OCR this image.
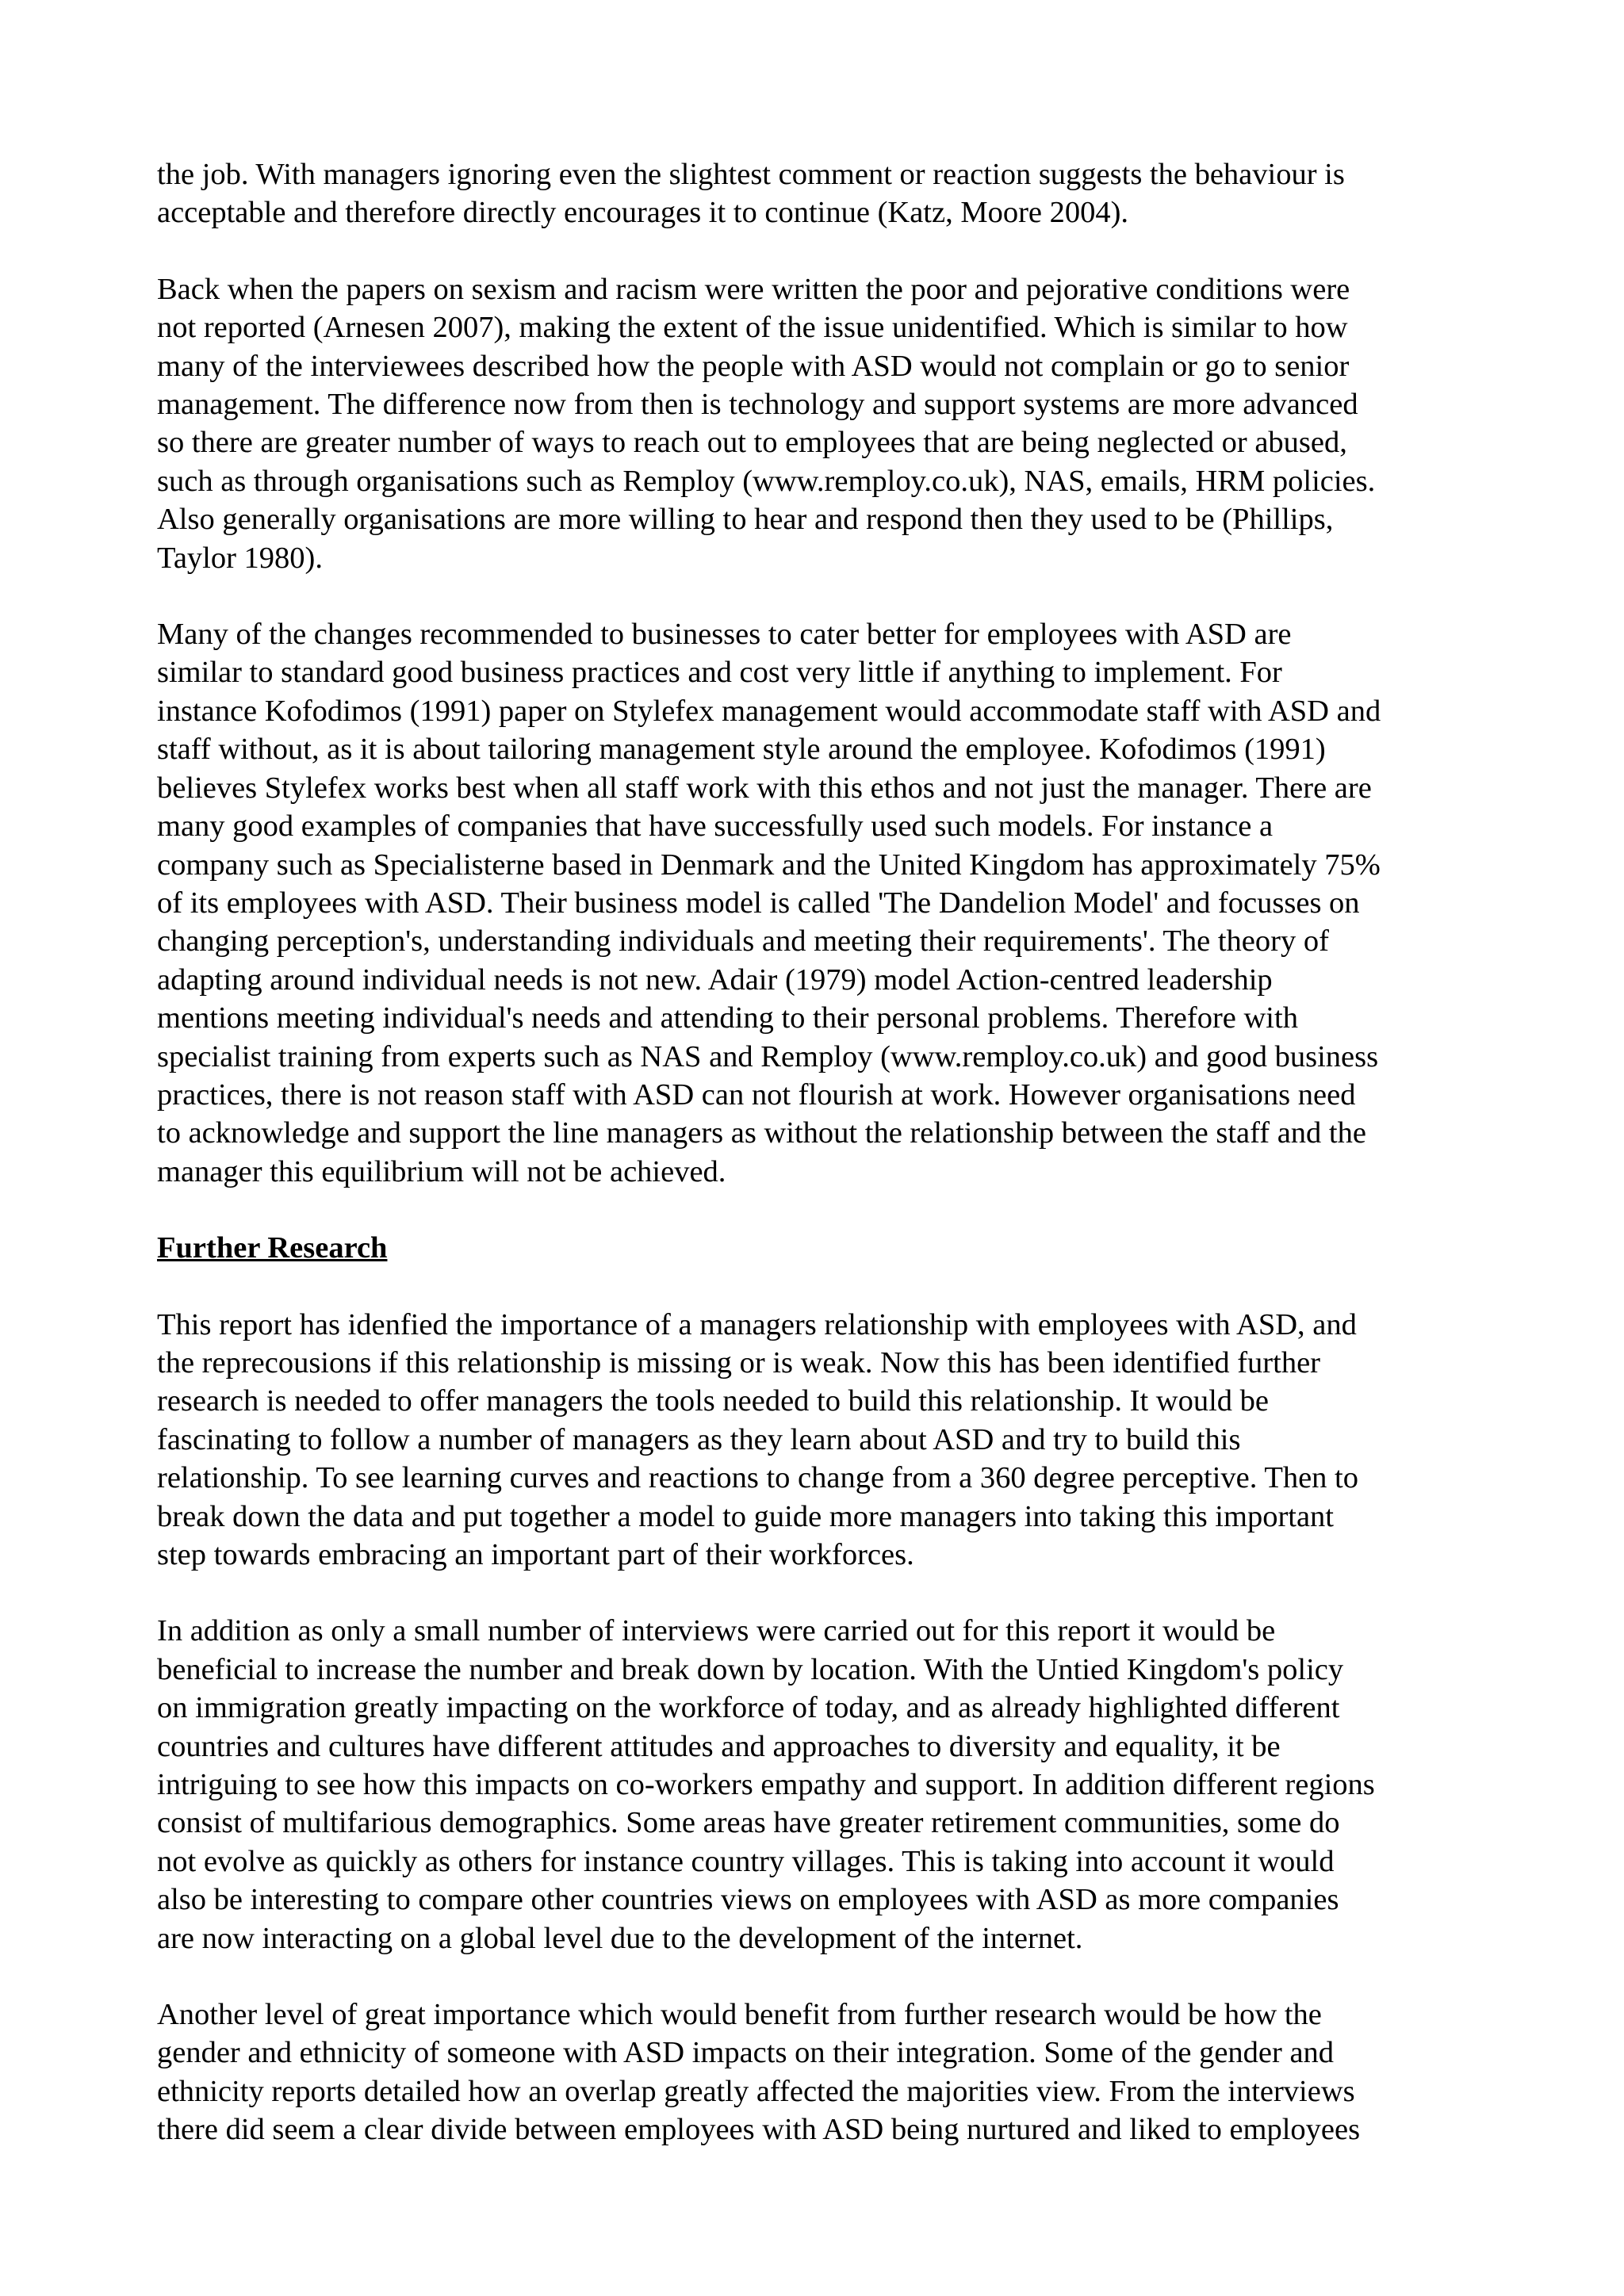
the job. With managers ignoring even the slightest comment or reaction suggests the behaviour is
acceptable and therefore directly encourages it to continue (Katz, Moore 2004).

Back when the papers on sexism and racism were written the poor and pejorative conditions were
not reported (Arnesen 2007), making the extent of the issue unidentified. Which is similar to how
many of the interviewees described how the people with ASD would not complain or go to senior
management. The difference now from then is technology and support systems are more advanced
so there are greater number of ways to reach out to employees that are being neglected or abused,
such as through organisations such as Remploy (www.remploy.co.uk), NAS, emails, HRM policies.
Also generally organisations are more willing to hear and respond then they used to be (Phillips,
Taylor 1980).

Many of the changes recommended to businesses to cater better for employees with ASD are
similar to standard good business practices and cost very little if anything to implement. For
instance Kofodimos (1991) paper on Stylefex management would accommodate staff with ASD and
staff without, as it is about tailoring management style around the employee. Kofodimos (1991)
believes Stylefex works best when all staff work with this ethos and not just the manager. There are
many good examples of companies that have successfully used such models. For instance a
company such as Specialisterne based in Denmark and the United Kingdom has approximately 75%
of its employees with ASD. Their business model is called 'The Dandelion Model' and focusses on
changing perception's, understanding individuals and meeting their requirements'. The theory of
adapting around individual needs is not new. Adair (1979) model Action-centred leadership
mentions meeting individual's needs and attending to their personal problems. Therefore with
specialist training from experts such as NAS and Remploy (www.remploy.co.uk) and good business
practices, there is not reason staff with ASD can not flourish at work. However organisations need
to acknowledge and support the line managers as without the relationship between the staff and the
manager this equilibrium will not be achieved.

Further Research

This report has idenfied the importance of a managers relationship with employees with ASD, and
the reprecousions if this relationship is missing or is weak. Now this has been identified further
research is needed to offer managers the tools needed to build this relationship. It would be
fascinating to follow a number of managers as they learn about ASD and try to build this
relationship. To see learning curves and reactions to change from a 360 degree perceptive. Then to
break down the data and put together a model to guide more managers into taking this important
step towards embracing an important part of their workforces.

In addition as only a small number of interviews were carried out for this report it would be
beneficial to increase the number and break down by location. With the Untied Kingdom's policy
on immigration greatly impacting on the workforce of today, and as already highlighted different
countries and cultures have different attitudes and approaches to diversity and equality, it be
intriguing to see how this impacts on co-workers empathy and support. In addition different regions
consist of multifarious demographics. Some areas have greater retirement communities, some do
not evolve as quickly as others for instance country villages. This is taking into account it would
also be interesting to compare other countries views on employees with ASD as more companies
are now interacting on a global level due to the development of the internet.

Another level of great importance which would benefit from further research would be how the
gender and ethnicity of someone with ASD impacts on their integration. Some of the gender and
ethnicity reports detailed how an overlap greatly affected the majorities view. From the interviews
there did seem a clear divide between employees with ASD being nurtured and liked to employees
